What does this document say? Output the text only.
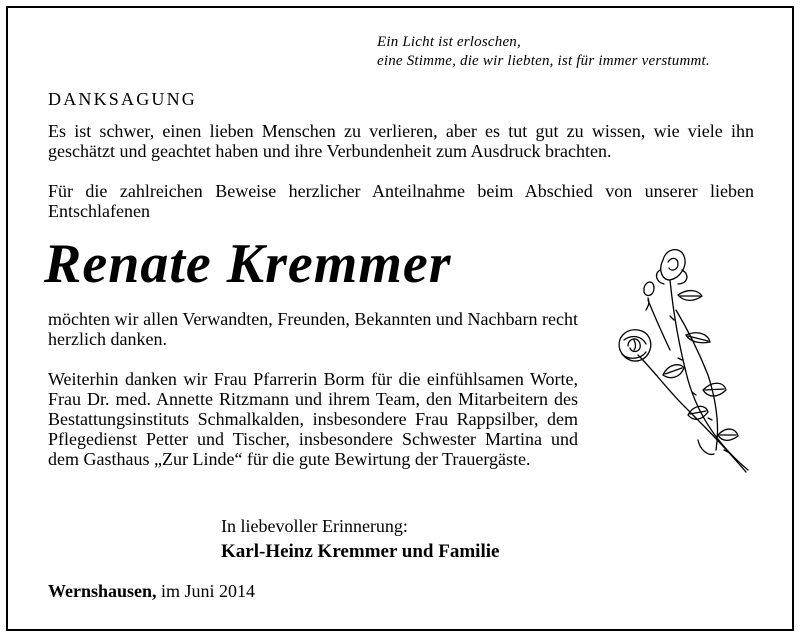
Ein Licht ist erloschen,
eine Stimme, die wir liebten, ist für immer verstummt.
DANKSAGUNG
Es ist schwer, einen lieben Menschen zu verlieren, aber es tut gut zu wissen, wie viele ihn geschätzt und geachtet haben und ihre Verbundenheit zum Ausdruck brachten.
Für die zahlreichen Beweise herzlicher Anteilnahme beim Abschied von unserer lieben Entschlafenen
Renate Kremmer
möchten wir allen Verwandten, Freunden, Bekannten und Nachbarn recht herzlich danken.
Weiterhin danken wir Frau Pfarrerin Borm für die einfühlsamen Worte, Frau Dr. med. Annette Ritzmann und ihrem Team, den Mitarbeitern des Bestattungsinstituts Schmalkalden, insbesondere Frau Rappsilber, dem Pflegedienst Petter und Tischer, insbesondere Schwester Martina und dem Gasthaus „Zur Linde“ für die gute Bewirtung der Trauergäste.
In liebevoller Erinnerung:
Karl-Heinz Kremmer und Familie
Wernshausen, im Juni 2014
